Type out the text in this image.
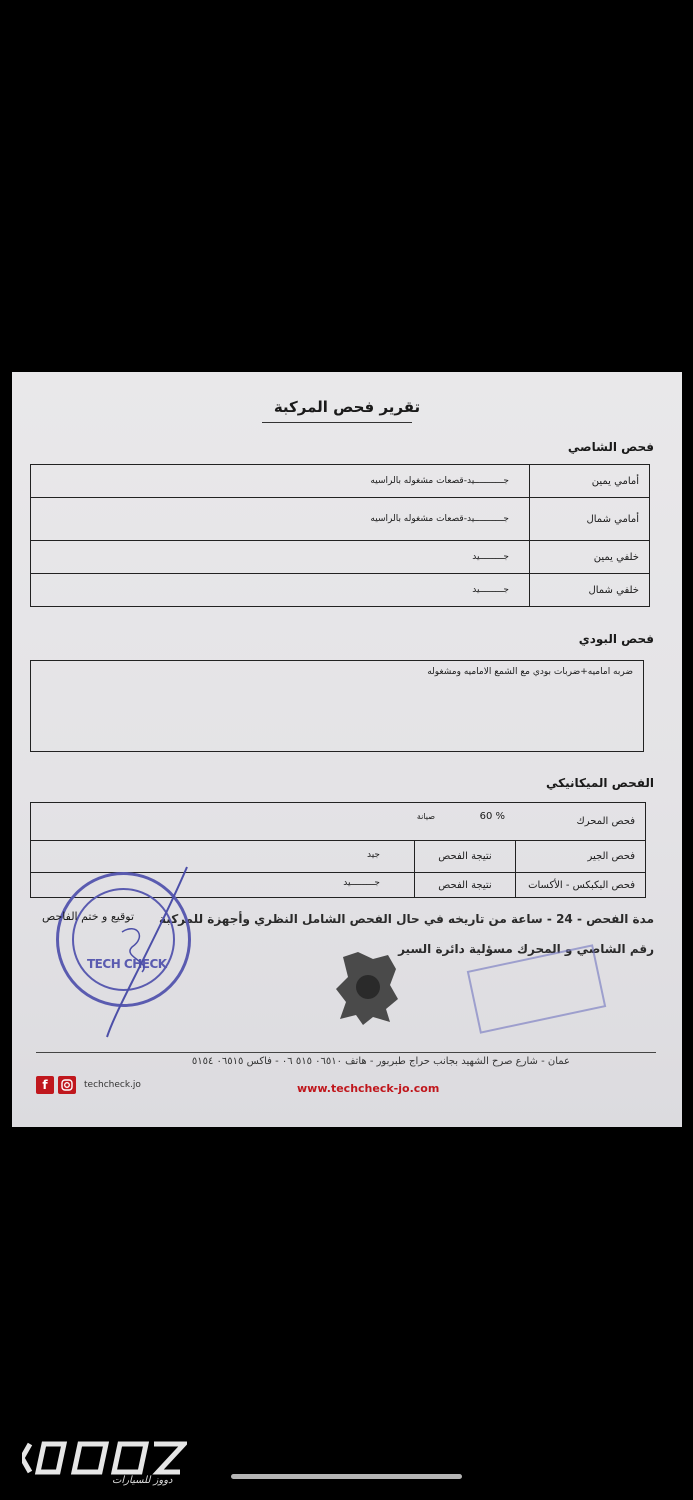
تقرير فحص المركبة
فحص الشاصي
أمامي يمين
جـــــــــــيد-قصعات مشغوله بالراسيه
أمامي شمال
جـــــــــــيد-قصعات مشغوله بالراسيه
خلفي يمين
جـــــــــيد
خلفي شمال
جـــــــــيد
فحص البودي
ضربه اماميه+ضربات بودي مع الشمع الاماميه ومشغوله
الفحص الميكانيكي
فحص المحرك
% 60
صيانة
فحص الجير
نتيجة الفحص
جيد
فحص البكبكس - الأكسات
نتيجة الفحص
جـــــــــيد
مدة الفحص - 24 - ساعة من تاريخه في حال الفحص الشامل النظري وأجهزة للمركبة
رقم الشاصي و المحرك مسؤلية دائرة السير
TECH CHECK
توقيع و ختم الفاحص
عمان - شارع صرح الشهيد بجانب حراج طبربور - هاتف ٠٦٥١٠ ٥١٥ ٠٦ - فاكس ٠٦٥١٥ ٥١٥٤
www.techcheck-jo.com
f	techcheck.jo
دووز للسيارات
